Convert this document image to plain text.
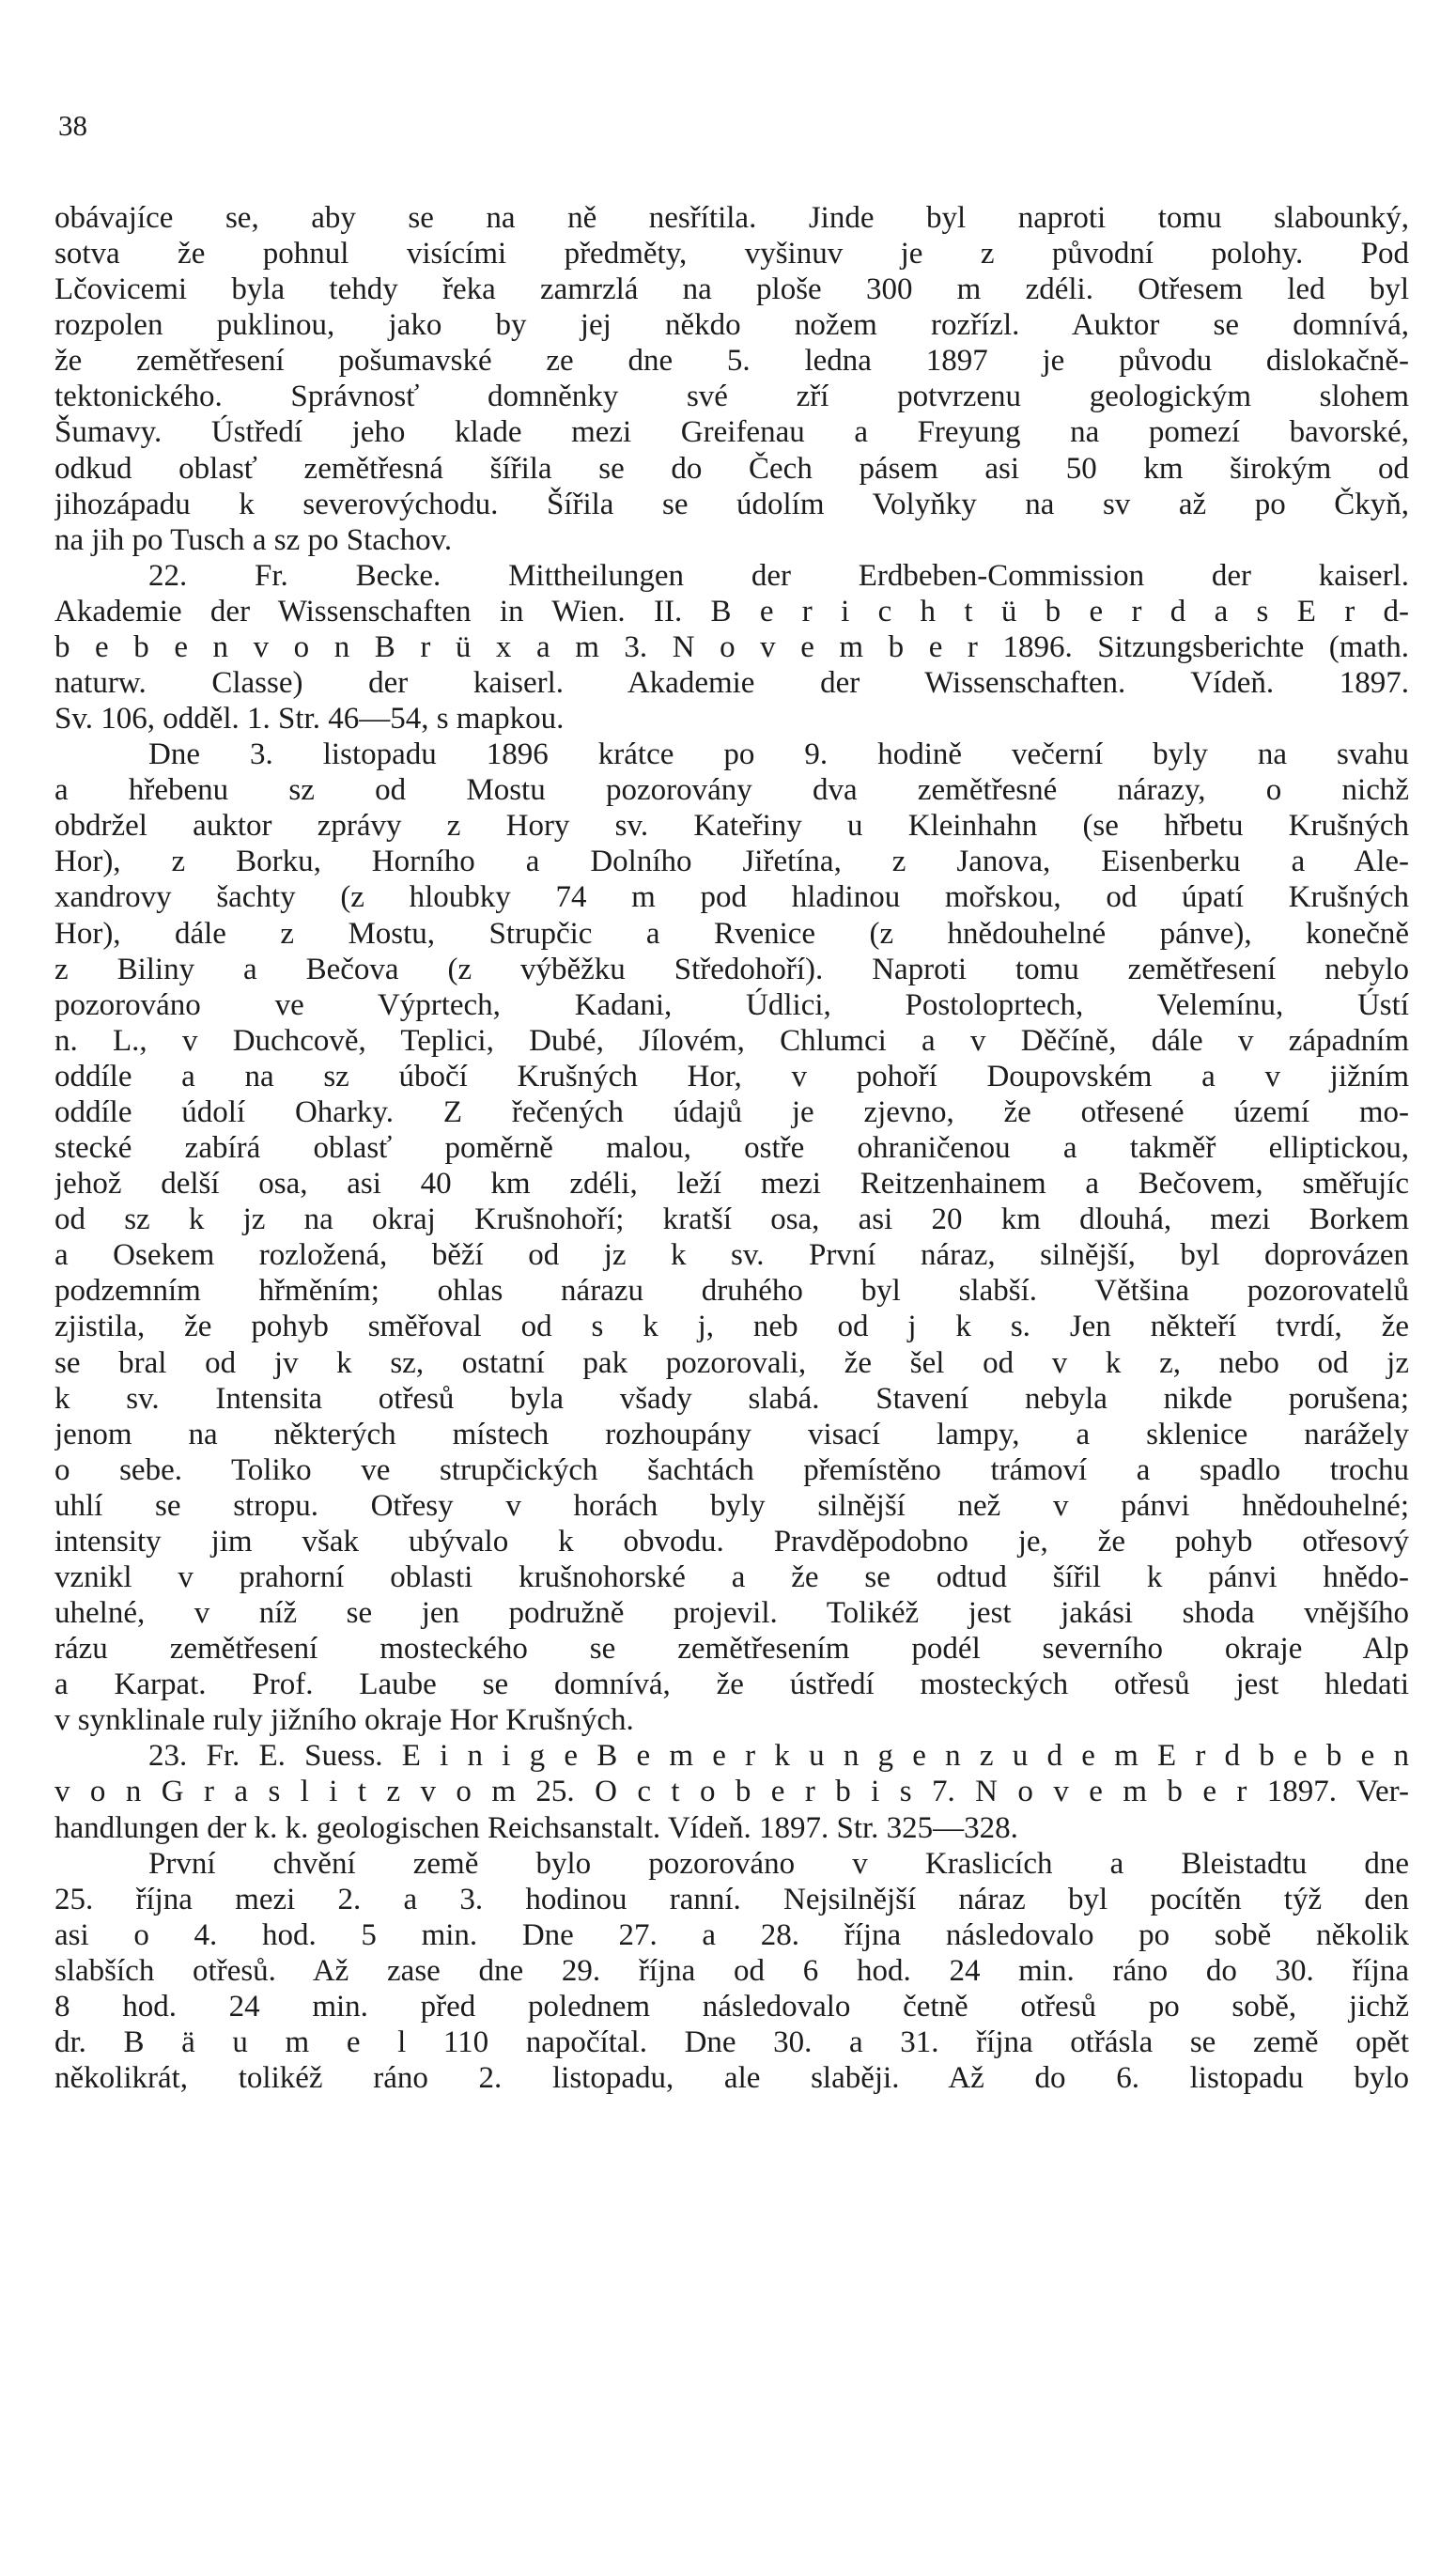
38
obávajíce se, aby se na ně nesřítila. Jinde byl naproti tomu slabounký,
sotva že pohnul visícími předměty, vyšinuv je z původní polohy. Pod
Lčovicemi byla tehdy řeka zamrzlá na ploše 300 m zdéli. Otřesem led byl
rozpolen puklinou, jako by jej někdo nožem rozřízl. Auktor se domnívá,
že zemětřesení pošumavské ze dne 5. ledna 1897 je původu dislokačně-
tektonického. Správnosť domněnky své zří potvrzenu geologickým slohem
Šumavy. Ústředí jeho klade mezi Greifenau a Freyung na pomezí bavorské,
odkud oblasť zemětřesná šířila se do Čech pásem asi 50 km širokým od
jihozápadu k severovýchodu. Šířila se údolím Volyňky na sv až po Čkyň,
na jih po Tusch a sz po Stachov.
22. Fr. Becke. Mittheilungen der Erdbeben-Commission der kaiserl.
Akademie der Wissenschaften in Wien. II. B e r i c h t ü b e r d a s E r d-
b e b e n v o n B r ü x a m 3. N o v e m b e r 1896. Sitzungsberichte (math.
naturw. Classe) der kaiserl. Akademie der Wissenschaften. Vídeň. 1897.
Sv. 106, odděl. 1. Str. 46—54, s mapkou.
Dne 3. listopadu 1896 krátce po 9. hodině večerní byly na svahu
a hřebenu sz od Mostu pozorovány dva zemětřesné nárazy, o nichž
obdržel auktor zprávy z Hory sv. Kateřiny u Kleinhahn (se hřbetu Krušných
Hor), z Borku, Horního a Dolního Jiřetína, z Janova, Eisenberku a Ale-
xandrovy šachty (z hloubky 74 m pod hladinou mořskou, od úpatí Krušných
Hor), dále z Mostu, Strupčic a Rvenice (z hnědouhelné pánve), konečně
z Biliny a Bečova (z výběžku Středohoří). Naproti tomu zemětřesení nebylo
pozorováno ve Výprtech, Kadani, Údlici, Postoloprtech, Velemínu, Ústí
n. L., v Duchcově, Teplici, Dubé, Jílovém, Chlumci a v Děčíně, dále v západním
oddíle a na sz úbočí Krušných Hor, v pohoří Doupovském a v jižním
oddíle údolí Oharky. Z řečených údajů je zjevno, že otřesené území mo-
stecké zabírá oblasť poměrně malou, ostře ohraničenou a takměř elliptickou,
jehož delší osa, asi 40 km zdéli, leží mezi Reitzenhainem a Bečovem, směřujíc
od sz k jz na okraj Krušnohoří; kratší osa, asi 20 km dlouhá, mezi Borkem
a Osekem rozložená, běží od jz k sv. První náraz, silnější, byl doprovázen
podzemním hřměním; ohlas nárazu druhého byl slabší. Většina pozorovatelů
zjistila, že pohyb směřoval od s k j, neb od j k s. Jen někteří tvrdí, že
se bral od jv k sz, ostatní pak pozorovali, že šel od v k z, nebo od jz
k sv. Intensita otřesů byla všady slabá. Stavení nebyla nikde porušena;
jenom na některých místech rozhoupány visací lampy, a sklenice narážely
o sebe. Toliko ve strupčických šachtách přemístěno trámoví a spadlo trochu
uhlí se stropu. Otřesy v horách byly silnější než v pánvi hnědouhelné;
intensity jim však ubývalo k obvodu. Pravděpodobno je, že pohyb otřesový
vznikl v prahorní oblasti krušnohorské a že se odtud šířil k pánvi hnědo-
uhelné, v níž se jen podružně projevil. Tolikéž jest jakási shoda vnějšího
rázu zemětřesení mosteckého se zemětřesením podél severního okraje Alp
a Karpat. Prof. Laube se domnívá, že ústředí mosteckých otřesů jest hledati
v synklinale ruly jižního okraje Hor Krušných.
23. Fr. E. Suess. E i n i g e B e m e r k u n g e n z u d e m E r d b e b e n
v o n G r a s l i t z v o m 25. O c t o b e r b i s 7. N o v e m b e r 1897. Ver-
handlungen der k. k. geologischen Reichsanstalt. Vídeň. 1897. Str. 325—328.
První chvění země bylo pozorováno v Kraslicích a Bleistadtu dne
25. října mezi 2. a 3. hodinou ranní. Nejsilnější náraz byl pocítěn týž den
asi o 4. hod. 5 min. Dne 27. a 28. října následovalo po sobě několik
slabších otřesů. Až zase dne 29. října od 6 hod. 24 min. ráno do 30. října
8 hod. 24 min. před polednem následovalo četně otřesů po sobě, jichž
dr. B ä u m e l 110 napočítal. Dne 30. a 31. října otřásla se země opět
několikrát, tolikéž ráno 2. listopadu, ale slaběji. Až do 6. listopadu bylo
